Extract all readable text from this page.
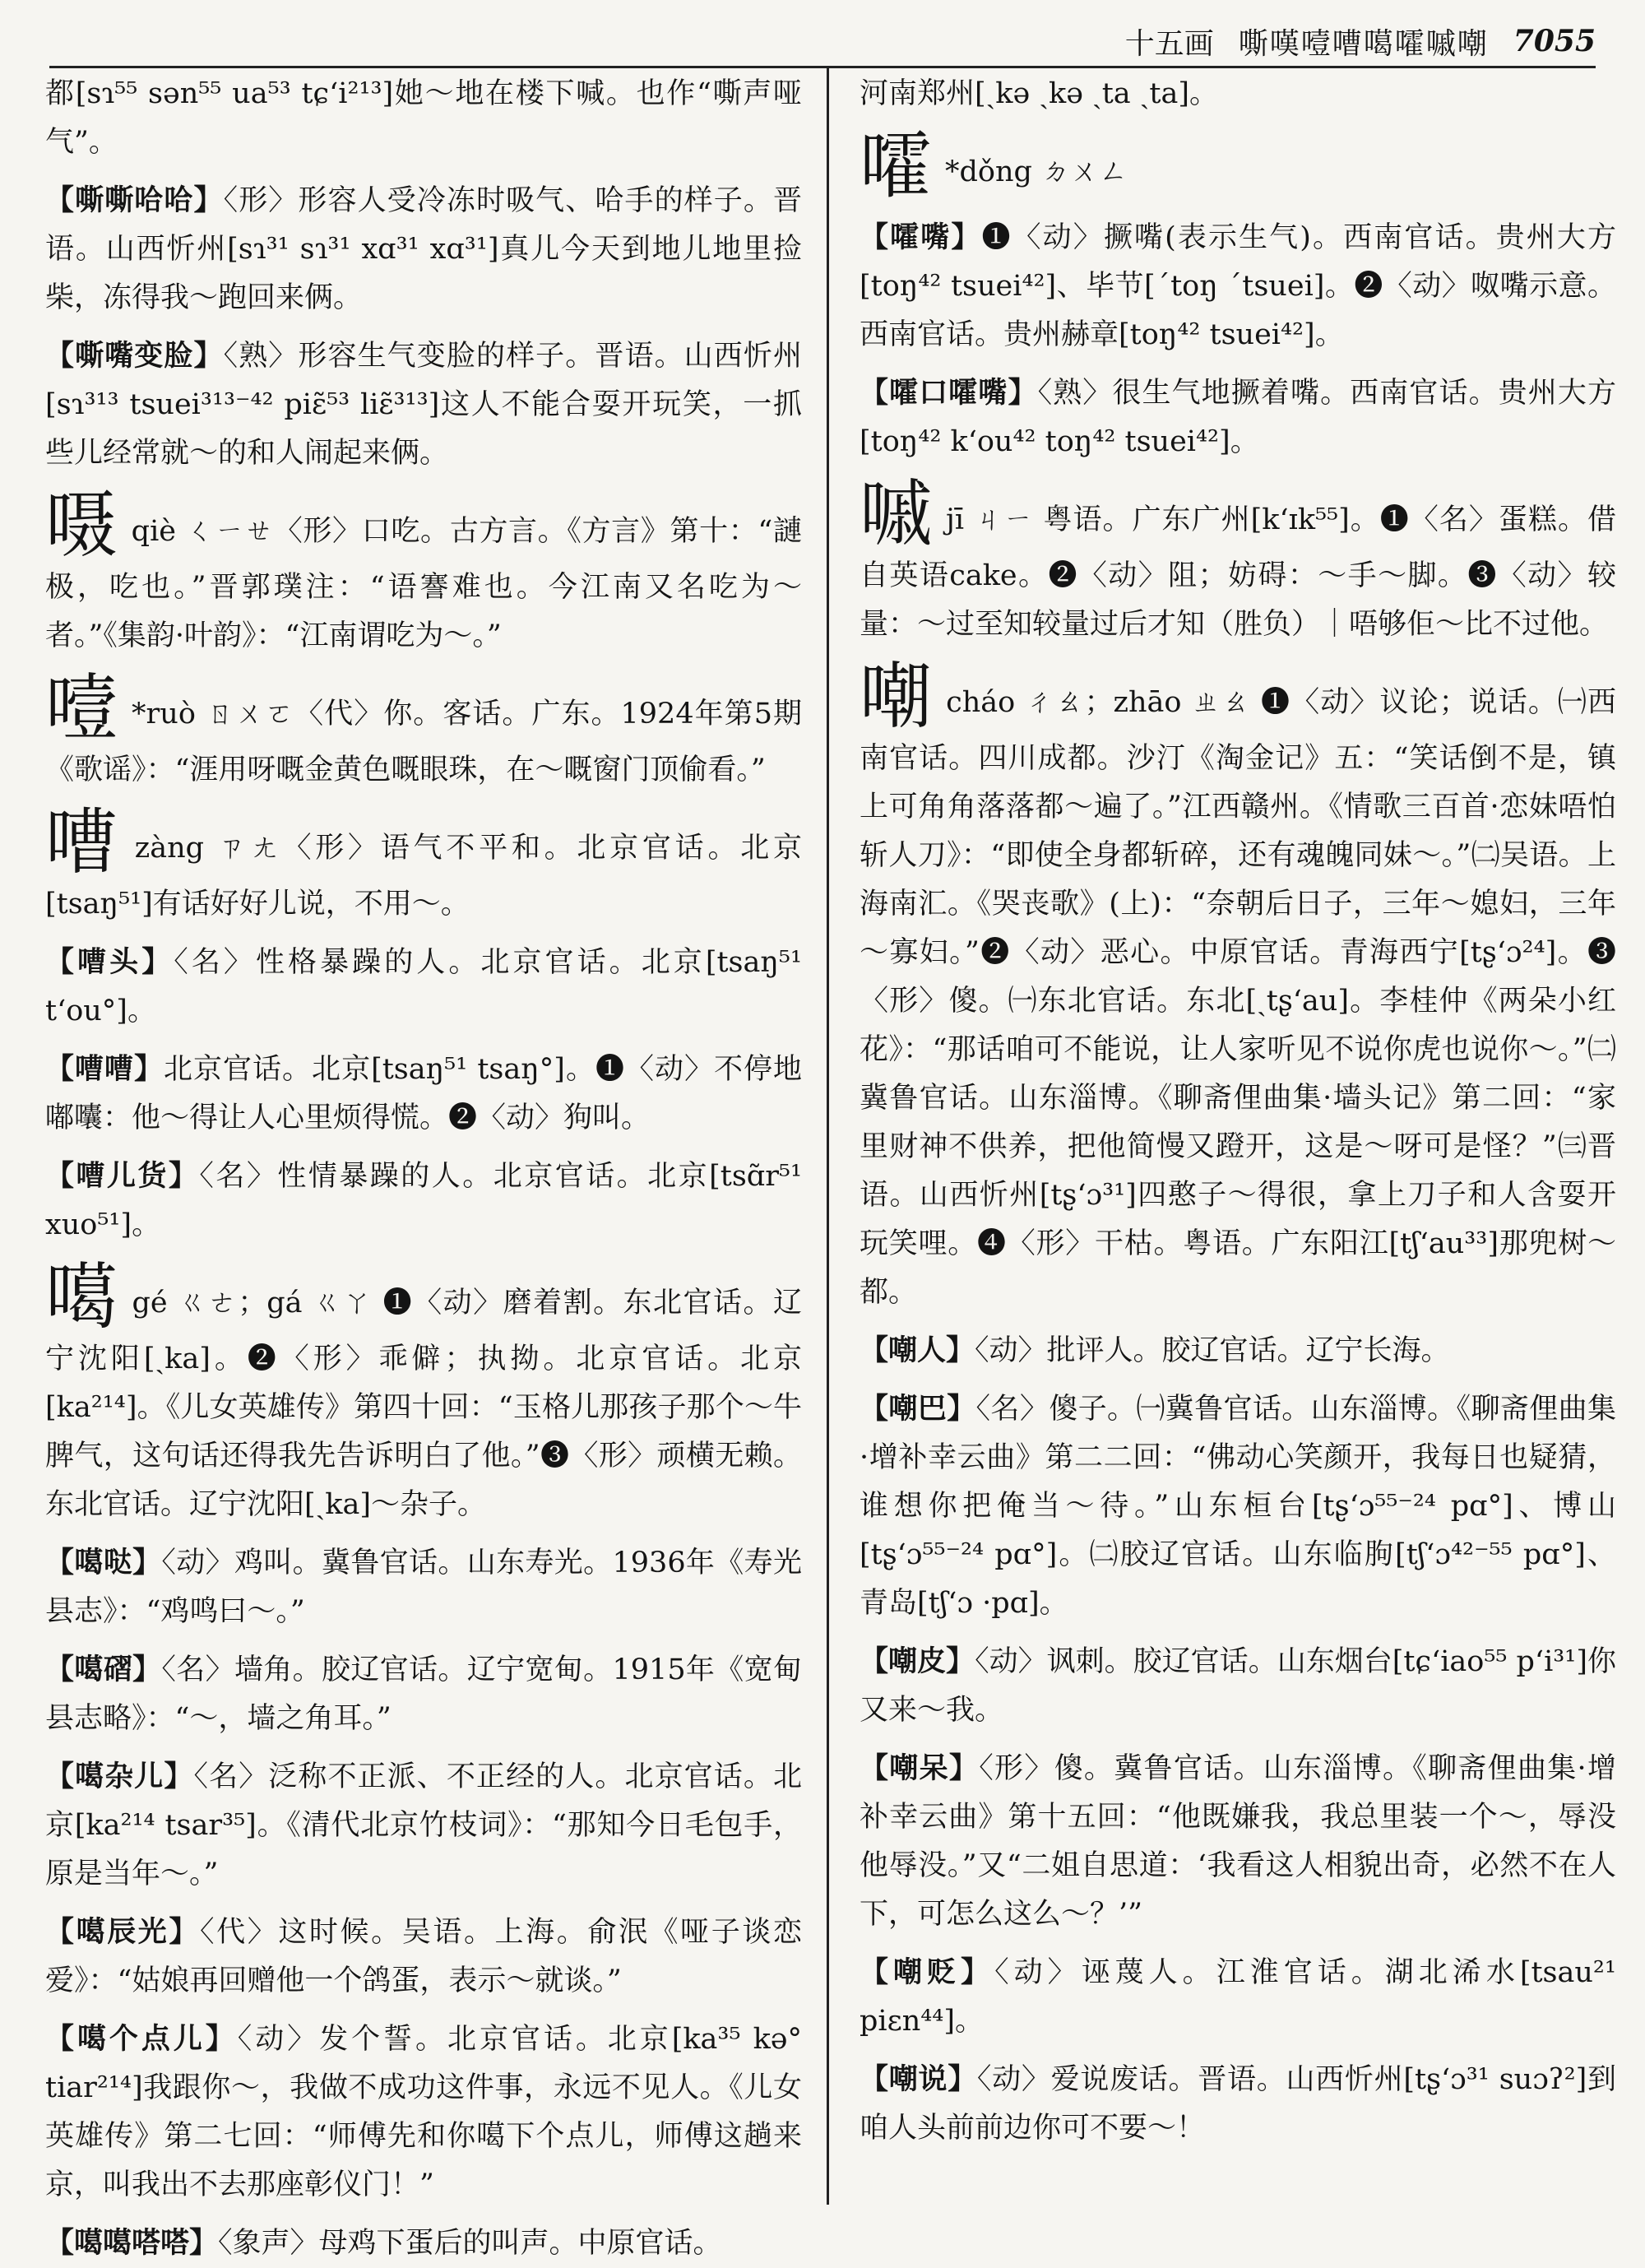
十五画 嘶嘆噎嘈噶嚯嘁嘲 7055

都[sɿ⁵⁵ sən⁵⁵ ua⁵³ tɕʻi²¹³]她～地在楼下喊。也作“嘶声哑气”。

【嘶嘶哈哈】〈形〉形容人受冷冻时吸气、哈手的样子。晋语。山西忻州[sɿ³¹ sɿ³¹ xɑ³¹ xɑ³¹]真儿今天到地儿地里捡柴，冻得我～跑回来俩。

【嘶嘴变脸】〈熟〉形容生气变脸的样子。晋语。山西忻州[sɿ³¹³ tsuei³¹³⁻⁴² piɛ̃⁵³ liɛ̃³¹³]这人不能合耍开玩笑，一抓些儿经常就～的和人闹起来俩。

嗫qiè ㄑㄧㄝ〈形〉口吃。古方言。《方言》第十：“謰极，吃也。”晋郭璞注：“语謇难也。今江南又名吃为～者。”《集韵·叶韵》：“江南谓吃为～。”

噎 *ruò ㄖㄨㄛ〈代〉你。客话。广东。1924年第5期《歌谣》：“涯用呀嘅金黄色嘅眼珠，在～嘅窗门顶偷看。”

嘈zàng ㄗㄤ〈形〉语气不平和。北京官话。北京[tsaŋ⁵¹]有话好好儿说，不用～。

【嘈头】〈名〉性格暴躁的人。北京官话。北京[tsaŋ⁵¹ tʻou°]。

【嘈嘈】北京官话。北京[tsaŋ⁵¹ tsaŋ°]。❶〈动〉不停地嘟囔：他～得让人心里烦得慌。❷〈动〉狗叫。

【嘈儿货】〈名〉性情暴躁的人。北京官话。北京[tsɑ̃r⁵¹ xuo⁵¹]。

噶gé ㄍㄜ；gá ㄍㄚ ❶〈动〉磨着割。东北官话。辽宁沈阳[ˏka]。❷〈形〉乖僻；执拗。北京官话。北京[ka²¹⁴]。《儿女英雄传》第四十回：“玉格儿那孩子那个～牛脾气，这句话还得我先告诉明白了他。”❸〈形〉顽横无赖。东北官话。辽宁沈阳[ˏka]～杂子。

【噶哒】〈动〉鸡叫。冀鲁官话。山东寿光。1936年《寿光县志》：“鸡鸣曰～。”

【噶磖】〈名〉墙角。胶辽官话。辽宁宽甸。1915年《宽甸县志略》：“～，墙之角耳。”

【噶杂儿】〈名〉泛称不正派、不正经的人。北京官话。北京[ka²¹⁴ tsar³⁵]。《清代北京竹枝词》：“那知今日毛包手，原是当年～。”

【噶辰光】〈代〉这时候。吴语。上海。俞泯《哑子谈恋爱》：“姑娘再回赠他一个鸽蛋，表示～就谈。”

【噶个点儿】〈动〉发个誓。北京官话。北京[ka³⁵ kə° tiar²¹⁴]我跟你～，我做不成功这件事，永远不见人。《儿女英雄传》第二七回：“师傅先和你噶下个点儿，师傅这趟来京，叫我出不去那座彰仪门！”

【噶噶嗒嗒】〈象声〉母鸡下蛋后的叫声。中原官话。

河南郑州[ˏkə ˏkə ˏta ˏta]。

嚯 *dǒng ㄉㄨㄥ

【嚯嘴】❶〈动〉撅嘴(表示生气)。西南官话。贵州大方[toŋ⁴² tsuei⁴²]、毕节[ˊtoŋ ˊtsuei]。❷〈动〉呶嘴示意。西南官话。贵州赫章[toŋ⁴² tsuei⁴²]。

【嚯口嚯嘴】〈熟〉很生气地撅着嘴。西南官话。贵州大方[toŋ⁴² kʻou⁴² toŋ⁴² tsuei⁴²]。

嘁jī ㄐㄧ 粤语。广东广州[kʻɪk⁵⁵]。❶〈名〉蛋糕。借自英语cake。❷〈动〉阻；妨碍：～手～脚。❸〈动〉较量：～过至知较量过后才知（胜负）｜唔够佢～比不过他。

嘲cháo ㄔㄠ；zhāo ㄓㄠ ❶〈动〉议论；说话。㈠西南官话。四川成都。沙汀《淘金记》五：“笑话倒不是，镇上可角角落落都～遍了。”江西赣州。《情歌三百首·恋妹唔怕斩人刀》：“即使全身都斩碎，还有魂魄同妹～。”㈡吴语。上海南汇。《哭丧歌》(上)：“奈朝后日子，三年～媳妇，三年～寡妇。”❷〈动〉恶心。中原官话。青海西宁[tʂʻɔ²⁴]。❸〈形〉傻。㈠东北官话。东北[ˏtʂʻau]。李桂仲《两朵小红花》：“那话咱可不能说，让人家听见不说你虎也说你～。”㈡冀鲁官话。山东淄博。《聊斋俚曲集·墙头记》第二回：“家里财神不供养，把他简慢又蹬开，这是～呀可是怪？”㈢晋语。山西忻州[tʂʻɔ³¹]四憨子～得很，拿上刀子和人含耍开玩笑哩。❹〈形〉干枯。粤语。广东阳江[tʃʻau³³]那兜树～都。

【嘲人】〈动〉批评人。胶辽官话。辽宁长海。

【嘲巴】〈名〉傻子。㈠冀鲁官话。山东淄博。《聊斋俚曲集·增补幸云曲》第二二回：“佛动心笑颜开，我每日也疑猜，谁想你把俺当～待。”山东桓台[tʂʻɔ⁵⁵⁻²⁴ pɑ°]、博山[tʂʻɔ⁵⁵⁻²⁴ pɑ°]。㈡胶辽官话。山东临朐[tʃʻɔ⁴²⁻⁵⁵ pɑ°]、青岛[tʃʻɔ ·pɑ]。

【嘲皮】〈动〉讽刺。胶辽官话。山东烟台[tɕʻiao⁵⁵ pʻi³¹]你又来～我。

【嘲呆】〈形〉傻。冀鲁官话。山东淄博。《聊斋俚曲集·增补幸云曲》第十五回：“他既嫌我，我总里装一个～，辱没他辱没。”又“二姐自思道：‘我看这人相貌出奇，必然不在人下，可怎么这么～？’”

【嘲贬】〈动〉诬蔑人。江淮官话。湖北浠水[tsau²¹ piɛn⁴⁴]。

【嘲说】〈动〉爱说废话。晋语。山西忻州[tʂʻɔ³¹ suɔʔ²]到咱人头前前边你可不要～！
